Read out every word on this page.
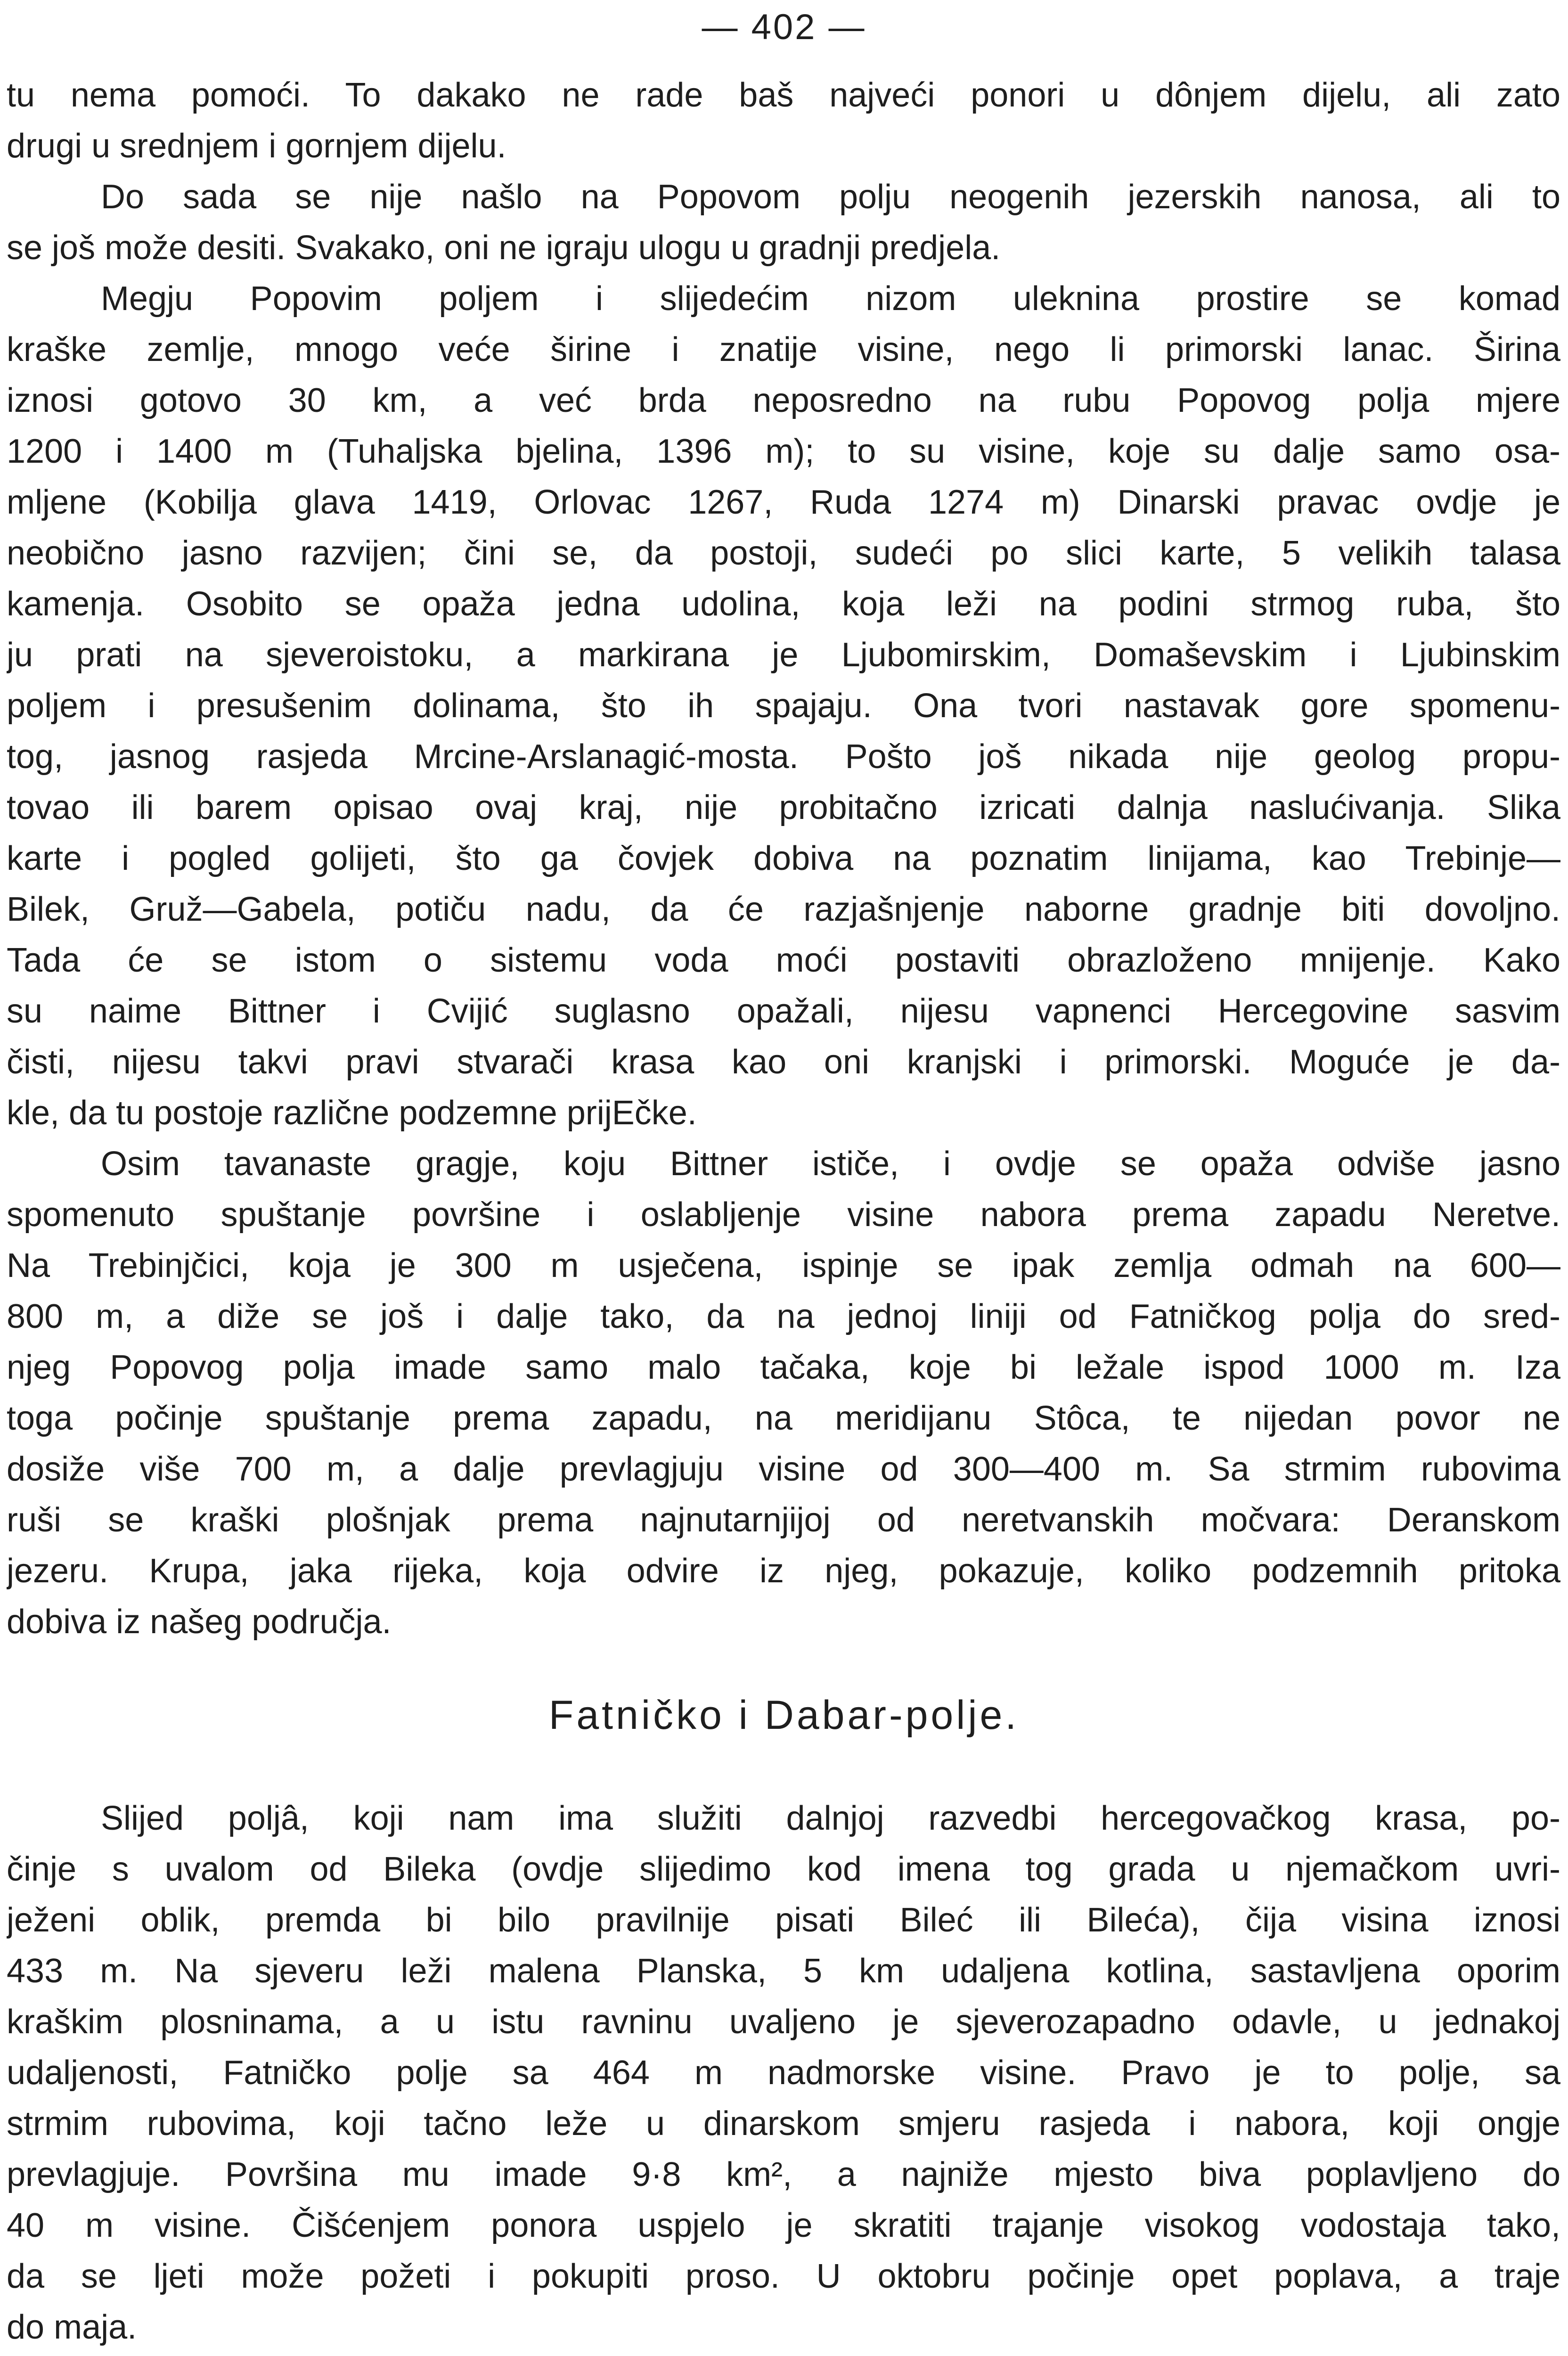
— 402 —
tu nema pomoći. To dakako ne rade baš najveći ponori u dônjem dijelu, ali zato
drugi u srednjem i gornjem dijelu.
Do sada se nije našlo na Popovom polju neogenih jezerskih nanosa, ali to
se još može desiti. Svakako, oni ne igraju ulogu u gradnji predjela.
Megju Popovim poljem i slijedećim nizom uleknina prostire se komad
kraške zemlje, mnogo veće širine i znatije visine, nego li primorski lanac. Širina
iznosi gotovo 30 km, a već brda neposredno na rubu Popovog polja mjere
1200 i 1400 m (Tuhaljska bjelina, 1396 m); to su visine, koje su dalje samo osa-
mljene (Kobilja glava 1419, Orlovac 1267, Ruda 1274 m) Dinarski pravac ovdje je
neobično jasno razvijen; čini se, da postoji, sudeći po slici karte, 5 velikih talasa
kamenja. Osobito se opaža jedna udolina, koja leži na podini strmog ruba, što
ju prati na sjeveroistoku, a markirana je Ljubomirskim, Domaševskim i Ljubinskim
poljem i presušenim dolinama, što ih spajaju. Ona tvori nastavak gore spomenu-
tog, jasnog rasjeda Mrcine-Arslanagić-mosta. Pošto još nikada nije geolog propu-
tovao ili barem opisao ovaj kraj, nije probitačno izricati dalnja naslućivanja. Slika
karte i pogled golijeti, što ga čovjek dobiva na poznatim linijama, kao Trebinje—
Bilek, Gruž—Gabela, potiču nadu, da će razjašnjenje naborne gradnje biti dovoljno.
Tada će se istom o sistemu voda moći postaviti obrazloženo mnijenje. Kako
su naime Bittner i Cvijić suglasno opažali, nijesu vapnenci Hercegovine sasvim
čisti, nijesu takvi pravi stvarači krasa kao oni kranjski i primorski. Moguće je da-
kle, da tu postoje različne podzemne prijEčke.
Osim tavanaste gragje, koju Bittner ističe, i ovdje se opaža odviše jasno
spomenuto spuštanje površine i oslabljenje visine nabora prema zapadu Neretve.
Na Trebinjčici, koja je 300 m usječena, ispinje se ipak zemlja odmah na 600—
800 m, a diže se još i dalje tako, da na jednoj liniji od Fatničkog polja do sred-
njeg Popovog polja imade samo malo tačaka, koje bi ležale ispod 1000 m. Iza
toga počinje spuštanje prema zapadu, na meridijanu Stôca, te nijedan povor ne
dosiže više 700 m, a dalje prevlagjuju visine od 300—400 m. Sa strmim rubovima
ruši se kraški plošnjak prema najnutarnjijoj od neretvanskih močvara: Deranskom
jezeru. Krupa, jaka rijeka, koja odvire iz njeg, pokazuje, koliko podzemnih pritoka
dobiva iz našeg područja.
Fatničko i Dabar-polje.
Slijed poljâ, koji nam ima služiti dalnjoj razvedbi hercegovačkog krasa, po-
činje s uvalom od Bileka (ovdje slijedimo kod imena tog grada u njemačkom uvri-
ježeni oblik, premda bi bilo pravilnije pisati Bileć ili Bileća), čija visina iznosi
433 m. Na sjeveru leži malena Planska, 5 km udaljena kotlina, sastavljena oporim
kraškim plosninama, a u istu ravninu uvaljeno je sjeverozapadno odavle, u jednakoj
udaljenosti, Fatničko polje sa 464 m nadmorske visine. Pravo je to polje, sa
strmim rubovima, koji tačno leže u dinarskom smjeru rasjeda i nabora, koji ongje
prevlagjuje. Površina mu imade 9·8 km², a najniže mjesto biva poplavljeno do
40 m visine. Čišćenjem ponora uspjelo je skratiti trajanje visokog vodostaja tako,
da se ljeti može požeti i pokupiti proso. U oktobru počinje opet poplava, a traje
do maja.
